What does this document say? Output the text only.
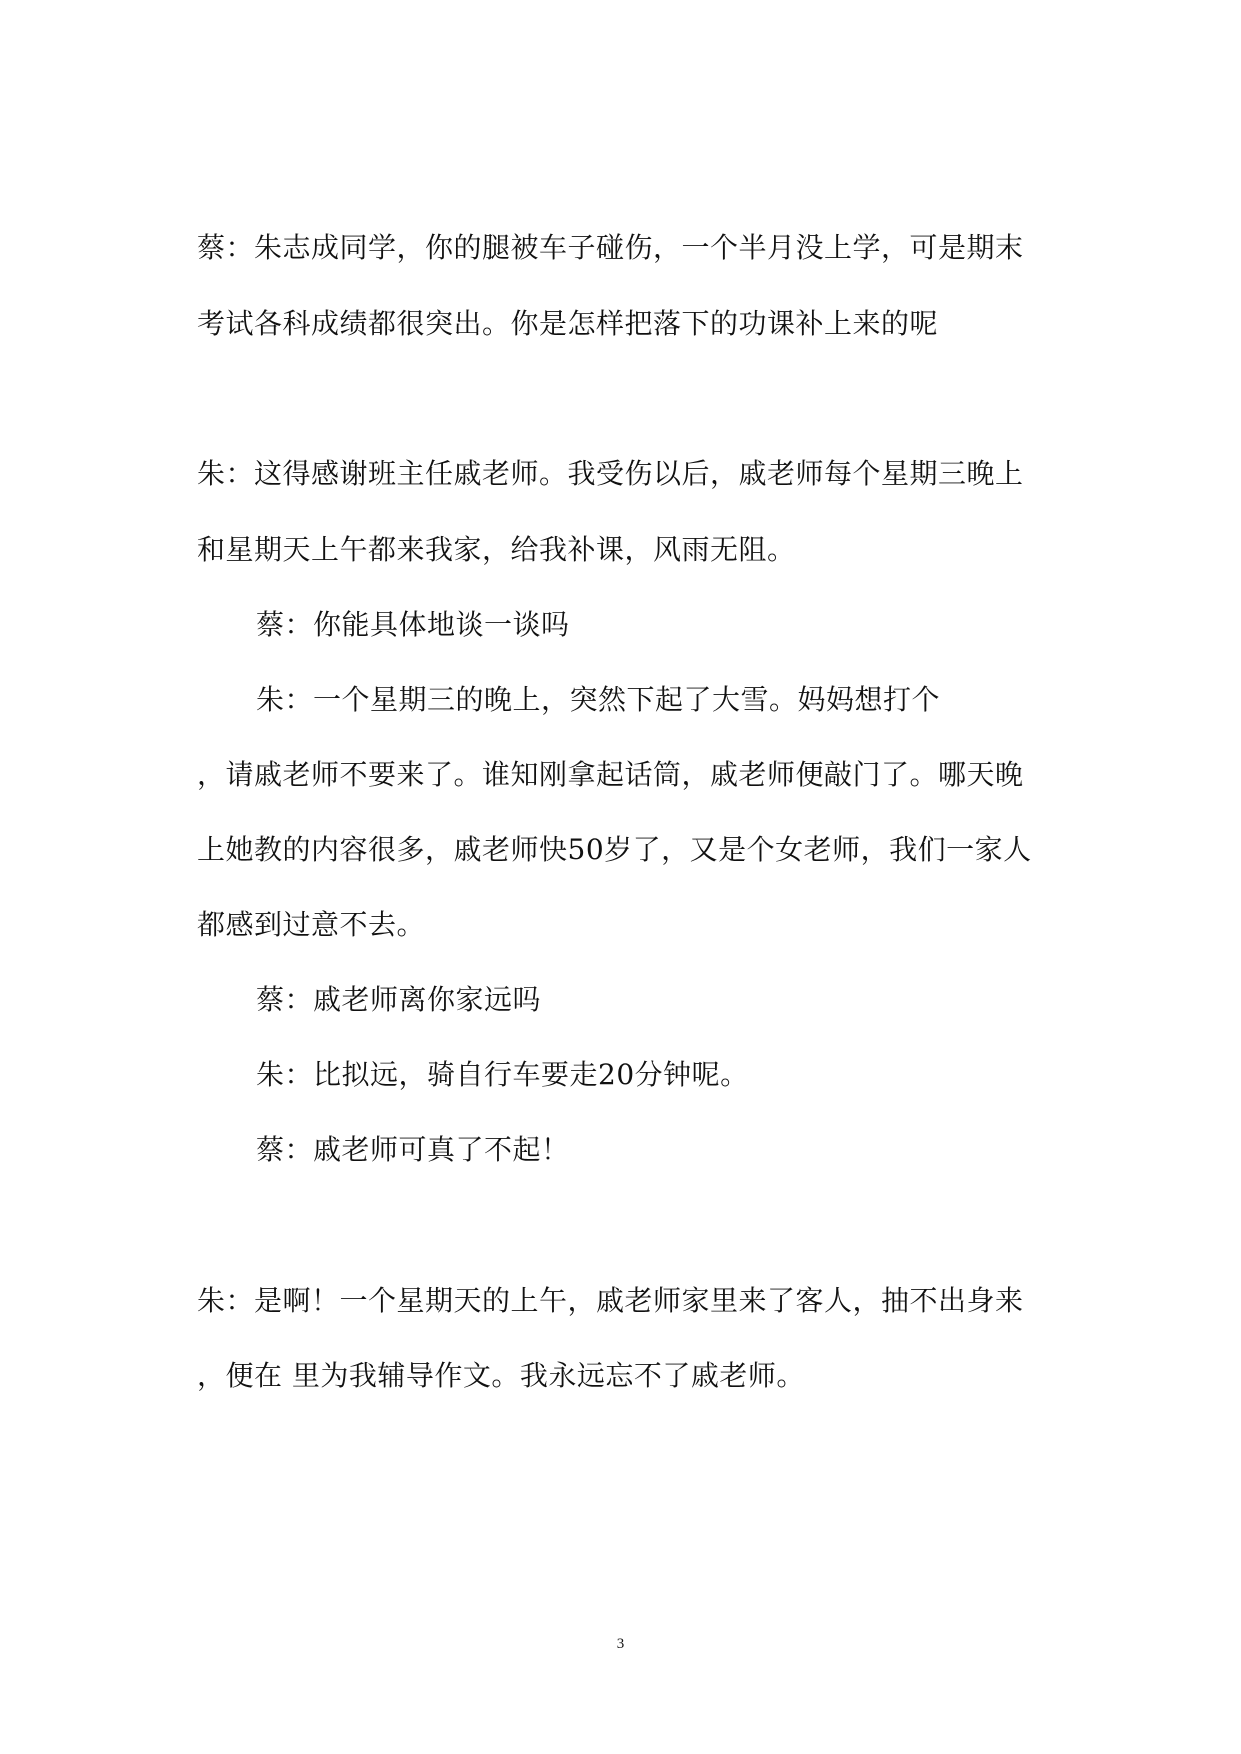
蔡：朱志成同学，你的腿被车子碰伤，一个半月没上学，可是期末
考试各科成绩都很突出。你是怎样把落下的功课补上来的呢
朱：这得感谢班主任戚老师。我受伤以后，戚老师每个星期三晚上
和星期天上午都来我家，给我补课，风雨无阻。
蔡：你能具体地谈一谈吗
朱：一个星期三的晚上，突然下起了大雪。妈妈想打个
，请戚老师不要来了。谁知刚拿起话筒，戚老师便敲门了。哪天晚
上她教的内容很多，戚老师快50岁了，又是个女老师，我们一家人
都感到过意不去。
蔡：戚老师离你家远吗
朱：比拟远，骑自行车要走20分钟呢。
蔡：戚老师可真了不起！
朱：是啊！一个星期天的上午，戚老师家里来了客人，抽不出身来
，便在 里为我辅导作文。我永远忘不了戚老师。
3
